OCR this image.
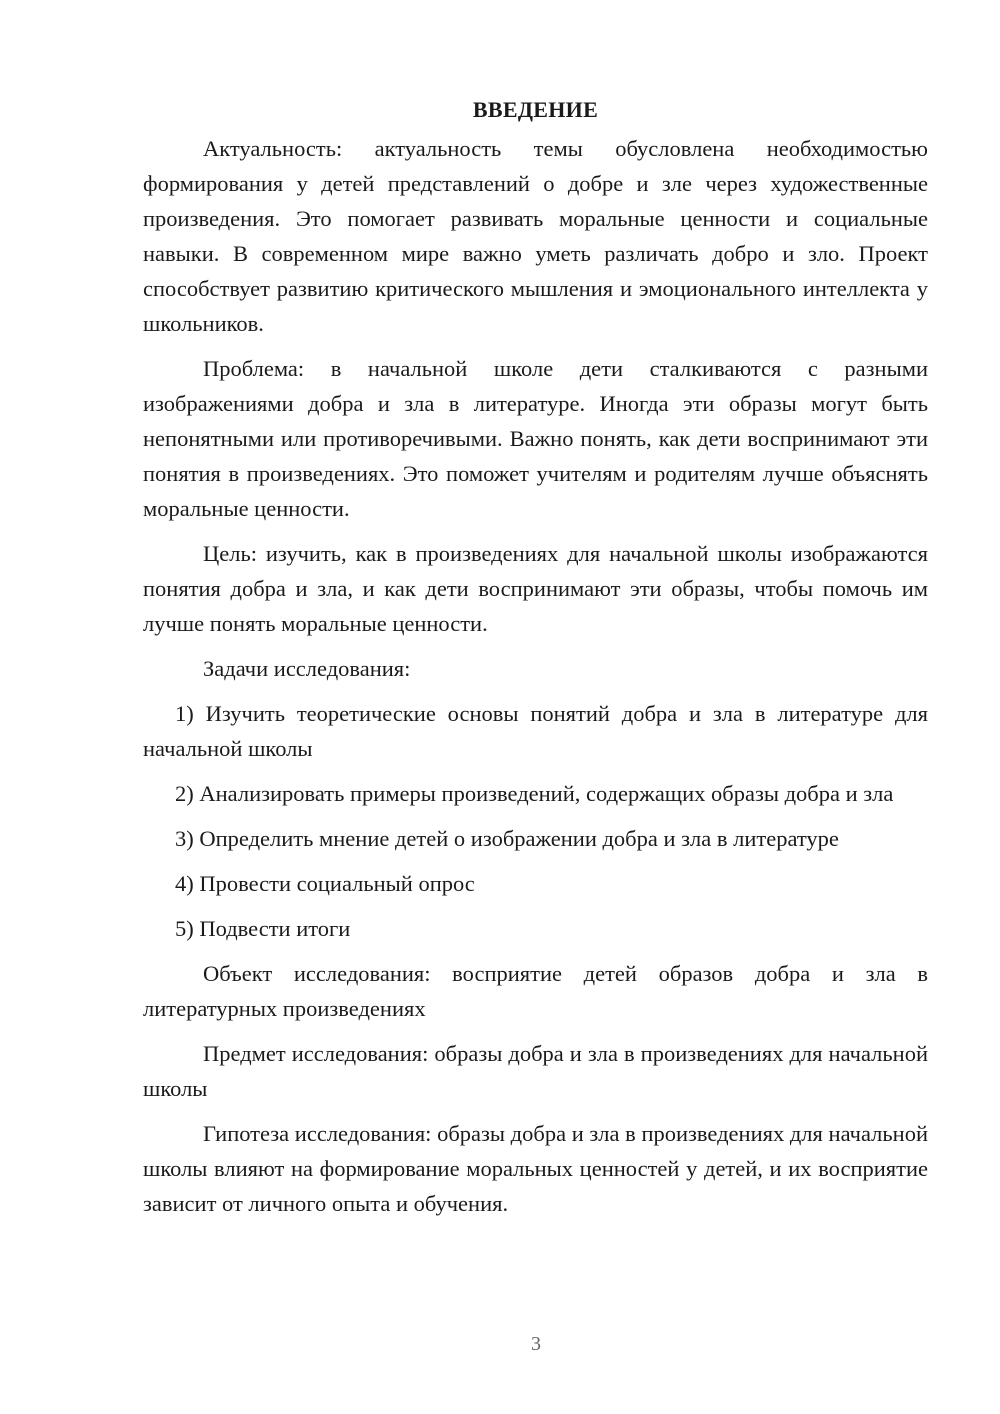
ВВЕДЕНИЕ

Актуальность: актуальность темы обусловлена необходимостью формирования у детей представлений о добре и зле через художественные произведения. Это помогает развивать моральные ценности и социальные навыки. В современном мире важно уметь различать добро и зло. Проект способствует развитию критического мышления и эмоционального интеллекта у школьников.

Проблема: в начальной школе дети сталкиваются с разными изображениями добра и зла в литературе. Иногда эти образы могут быть непонятными или противоречивыми. Важно понять, как дети воспринимают эти понятия в произведениях. Это поможет учителям и родителям лучше объяснять моральные ценности.

Цель: изучить, как в произведениях для начальной школы изображаются понятия добра и зла, и как дети воспринимают эти образы, чтобы помочь им лучше понять моральные ценности.

Задачи исследования:

1) Изучить теоретические основы понятий добра и зла в литературе для начальной школы

2) Анализировать примеры произведений, содержащих образы добра и зла

3) Определить мнение детей о изображении добра и зла в литературе

4) Провести социальный опрос

5) Подвести итоги

Объект исследования: восприятие детей образов добра и зла в литературных произведениях

Предмет исследования: образы добра и зла в произведениях для начальной школы

Гипотеза исследования: образы добра и зла в произведениях для начальной школы влияют на формирование моральных ценностей у детей, и их восприятие зависит от личного опыта и обучения.

3
